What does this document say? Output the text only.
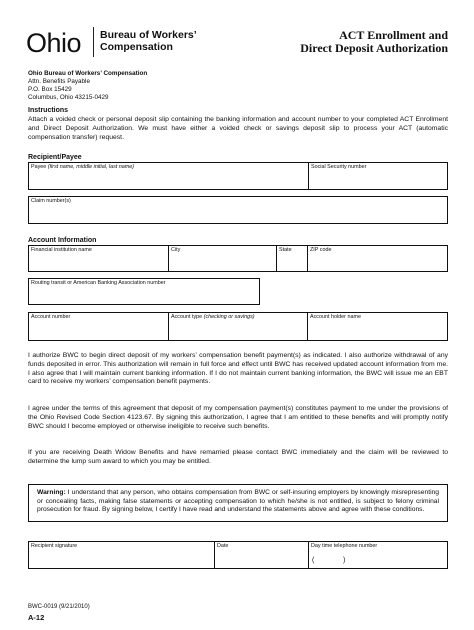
Ohio Bureau of Workers’
Compensation
ACT Enrollment and
Direct Deposit Authorization
Ohio Bureau of Workers’ Compensation
Attn. Benefits Payable
P.O. Box 15429
Columbus, Ohio 43215-0429
Instructions
Attach a voided check or personal deposit slip containing the banking information and account number to your completed ACT Enrollment and Direct Deposit Authorization. We must have either a voided check or savings deposit slip to process your ACT (automatic compensation transfer) request.
Recipient/Payee
Payee (first name, middle initial, last name)	Social Security number
Claim number(s)
Account Information
Financial institution name	City	State	ZIP code
Routing transit or American Banking Association number
Account number	Account type (checking or savings)	Account holder name
I authorize BWC to begin direct deposit of my workers’ compensation benefit payment(s) as indicated. I also authorize withdrawal of any funds deposited in error. This authorization will remain in full force and effect until BWC has received updated account information from me. I also agree that I will maintain current banking information. If I do not maintain current banking information, the BWC will issue me an EBT card to receive my workers’ compensation benefit payments.
I agree under the terms of this agreement that deposit of my compensation payment(s) constitutes payment to me under the provisions of the Ohio Revised Code Section 4123.67. By signing this authorization, I agree that I am entitled to these benefits and will promptly notify BWC should I become employed or otherwise ineligible to receive such benefits.
If you are receiving Death Widow Benefits and have remarried please contact BWC immediately and the claim will be reviewed to determine the lump sum award to which you may be entitled.
Warning: I understand that any person, who obtains compensation from BWC or self-insuring employers by knowingly misrepresenting or concealing facts, making false statements or accepting compensation to which he/she is not entitled, is subject to felony criminal prosecution for fraud. By signing below, I certify I have read and understand the statements above and agree with these conditions.
Recipient signature	Date	Day time telephone number
(	)
BWC-0019 (9/21/2010)
A-12
